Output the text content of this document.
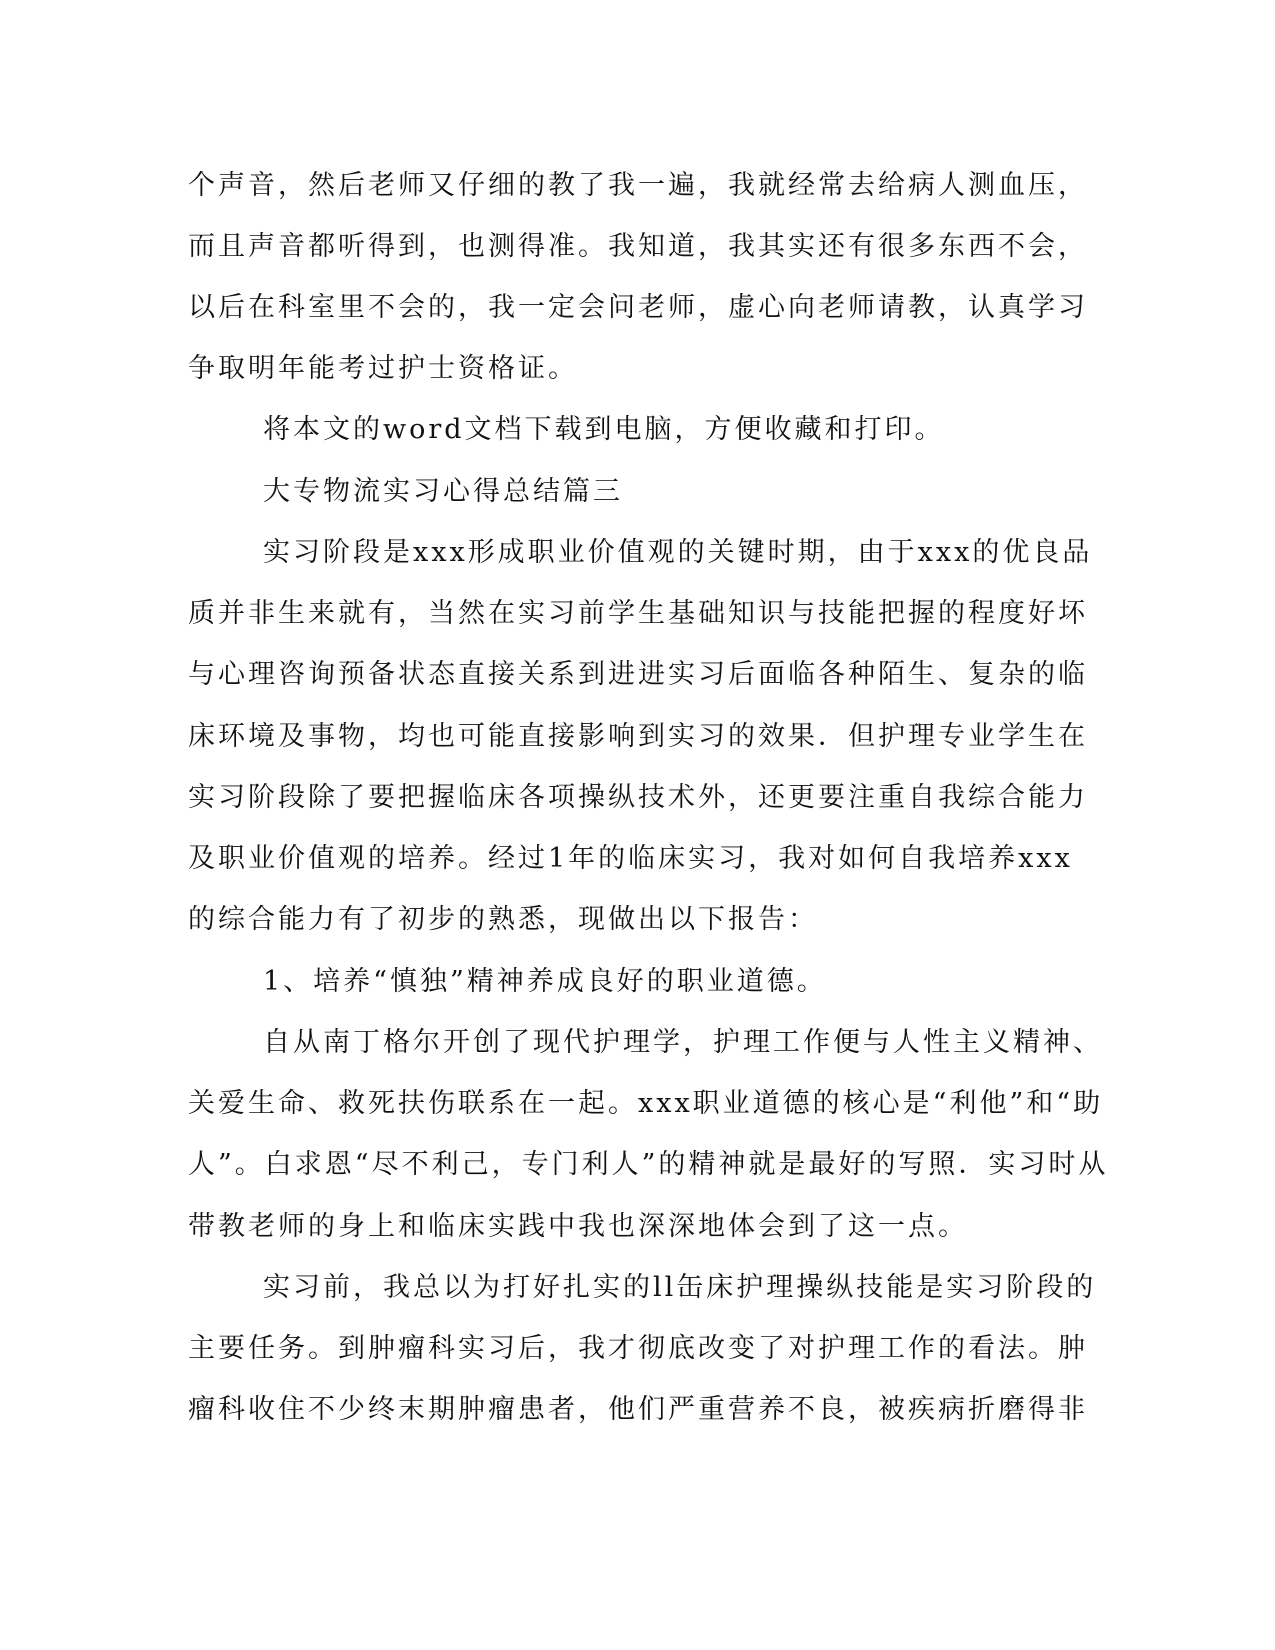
个声音，然后老师又仔细的教了我一遍，我就经常去给病人测血压，

而且声音都听得到，也测得准。我知道，我其实还有很多东西不会，

以后在科室里不会的，我一定会问老师，虚心向老师请教，认真学习

争取明年能考过护士资格证。

将本文的word文档下载到电脑，方便收藏和打印。

大专物流实习心得总结篇三

实习阶段是xxx形成职业价值观的关键时期，由于xxx的优良品

质并非生来就有，当然在实习前学生基础知识与技能把握的程度好坏

与心理咨询预备状态直接关系到进进实习后面临各种陌生、复杂的临

床环境及事物，均也可能直接影响到实习的效果．但护理专业学生在

实习阶段除了要把握临床各项操纵技术外，还更要注重自我综合能力

及职业价值观的培养。经过1年的临床实习，我对如何自我培养xxx

的综合能力有了初步的熟悉，现做出以下报告：

1、培养“慎独”精神养成良好的职业道德。

自从南丁格尔开创了现代护理学，护理工作便与人性主义精神、

关爱生命、救死扶伤联系在一起。xxx职业道德的核心是“利他”和“助

人”。白求恩“尽不利己，专门利人”的精神就是最好的写照．实习时从

带教老师的身上和临床实践中我也深深地体会到了这一点。

实习前，我总以为打好扎实的ll缶床护理操纵技能是实习阶段的

主要任务。到肿瘤科实习后，我才彻底改变了对护理工作的看法。肿

瘤科收住不少终末期肿瘤患者，他们严重营养不良，被疾病折磨得非
